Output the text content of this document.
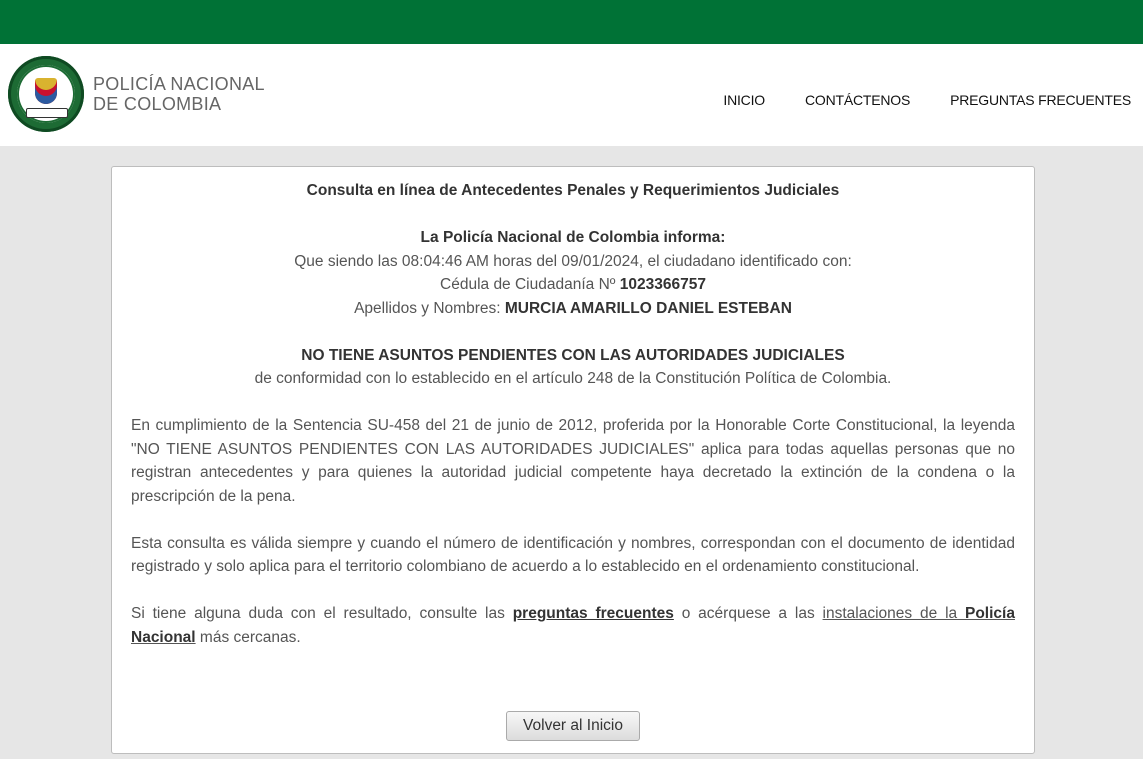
POLICÍA NACIONAL
DE COLOMBIA	INICIO	CONTÁCTENOS	PREGUNTAS FRECUENTES
Consulta en línea de Antecedentes Penales y Requerimientos Judiciales
La Policía Nacional de Colombia informa:
Que siendo las 08:04:46 AM horas del 09/01/2024, el ciudadano identificado con:
Cédula de Ciudadanía Nº 1023366757
Apellidos y Nombres: MURCIA AMARILLO DANIEL ESTEBAN
NO TIENE ASUNTOS PENDIENTES CON LAS AUTORIDADES JUDICIALES
de conformidad con lo establecido en el artículo 248 de la Constitución Política de Colombia.
En cumplimiento de la Sentencia SU-458 del 21 de junio de 2012, proferida por la Honorable Corte Constitucional, la leyenda "NO TIENE ASUNTOS PENDIENTES CON LAS AUTORIDADES JUDICIALES" aplica para todas aquellas personas que no registran antecedentes y para quienes la autoridad judicial competente haya decretado la extinción de la condena o la prescripción de la pena.
Esta consulta es válida siempre y cuando el número de identificación y nombres, correspondan con el documento de identidad registrado y solo aplica para el territorio colombiano de acuerdo a lo establecido en el ordenamiento constitucional.
Si tiene alguna duda con el resultado, consulte las preguntas frecuentes o acérquese a las instalaciones de la Policía Nacional más cercanas.
Volver al Inicio
